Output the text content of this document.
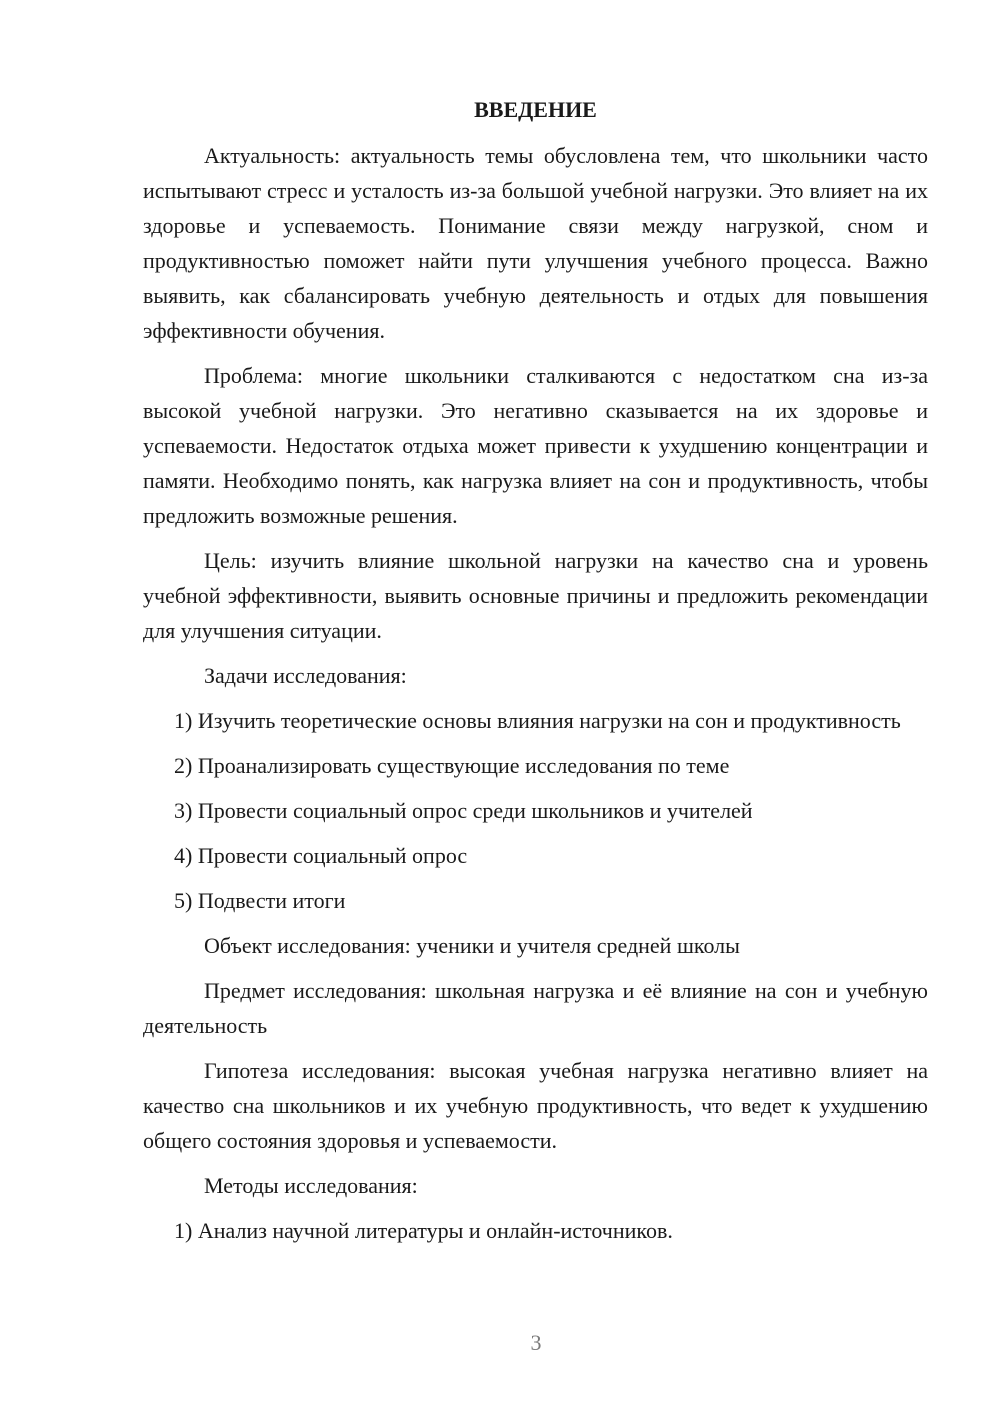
ВВЕДЕНИЕ

Актуальность: актуальность темы обусловлена тем, что школьники часто испытывают стресс и усталость из-за большой учебной нагрузки. Это влияет на их здоровье и успеваемость. Понимание связи между нагрузкой, сном и продуктивностью поможет найти пути улучшения учебного процесса. Важно выявить, как сбалансировать учебную деятельность и отдых для повышения эффективности обучения.

Проблема: многие школьники сталкиваются с недостатком сна из-за высокой учебной нагрузки. Это негативно сказывается на их здоровье и успеваемости. Недостаток отдыха может привести к ухудшению концентрации и памяти. Необходимо понять, как нагрузка влияет на сон и продуктивность, чтобы предложить возможные решения.

Цель: изучить влияние школьной нагрузки на качество сна и уровень учебной эффективности, выявить основные причины и предложить рекомендации для улучшения ситуации.

Задачи исследования:

1) Изучить теоретические основы влияния нагрузки на сон и продуктивность

2) Проанализировать существующие исследования по теме

3) Провести социальный опрос среди школьников и учителей

4) Провести социальный опрос

5) Подвести итоги

Объект исследования: ученики и учителя средней школы

Предмет исследования: школьная нагрузка и её влияние на сон и учебную деятельность

Гипотеза исследования: высокая учебная нагрузка негативно влияет на качество сна школьников и их учебную продуктивность, что ведет к ухудшению общего состояния здоровья и успеваемости.

Методы исследования:

1) Анализ научной литературы и онлайн-источников.

3
